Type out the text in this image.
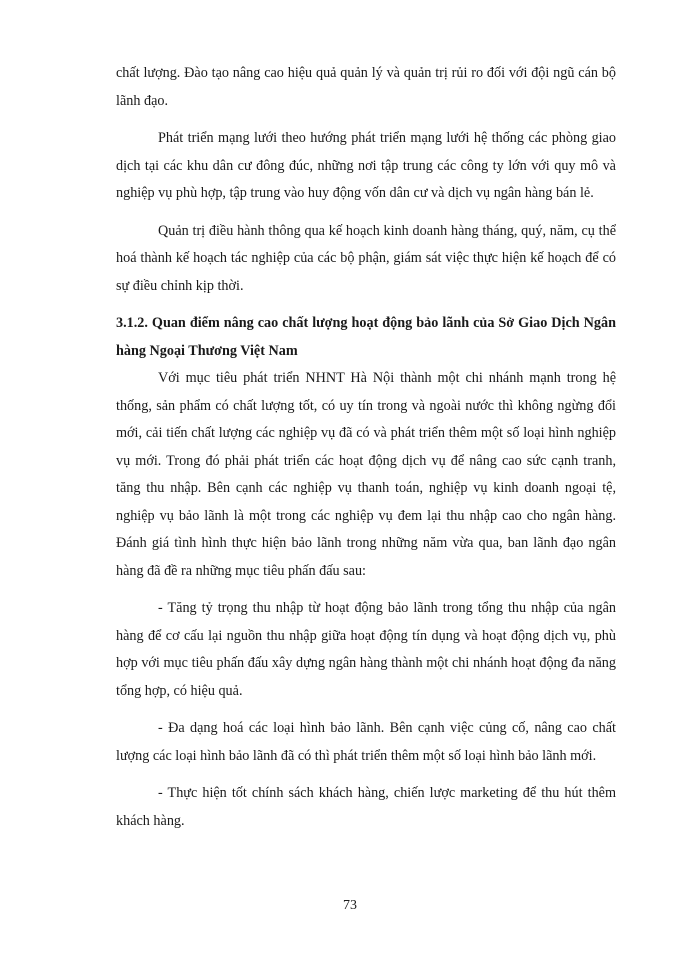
chất lượng. Đào tạo nâng cao hiệu quả quản lý và quản trị rủi ro đối với đội ngũ cán bộ lãnh đạo.

Phát triển mạng lưới theo hướng phát triển mạng lưới hệ thống các phòng giao dịch tại các khu dân cư đông đúc, những nơi tập trung các công ty lớn với quy mô và nghiệp vụ phù hợp, tập trung vào huy động vốn dân cư và dịch vụ ngân hàng bán lẻ.

Quản trị điều hành thông qua kế hoạch kinh doanh hàng tháng, quý, năm, cụ thể hoá thành kế hoạch tác nghiệp của các bộ phận, giám sát việc thực hiện kế hoạch để có sự điều chỉnh kịp thời.

3.1.2. Quan điểm nâng cao chất lượng hoạt động bảo lãnh của Sở Giao Dịch Ngân hàng Ngoại Thương Việt Nam

Với mục tiêu phát triển NHNT Hà Nội thành một chi nhánh mạnh trong hệ thống, sản phẩm có chất lượng tốt, có uy tín trong và ngoài nước thì không ngừng đổi mới, cải tiến chất lượng các nghiệp vụ đã có và phát triển thêm một số loại hình nghiệp vụ mới. Trong đó phải phát triển các hoạt động dịch vụ để nâng cao sức cạnh tranh, tăng thu nhập. Bên cạnh các nghiệp vụ thanh toán, nghiệp vụ kinh doanh ngoại tệ, nghiệp vụ bảo lãnh là một trong các nghiệp vụ đem lại thu nhập cao cho ngân hàng. Đánh giá tình hình thực hiện bảo lãnh trong những năm vừa qua, ban lãnh đạo ngân hàng đã đề ra những mục tiêu phấn đấu sau:

- Tăng tỷ trọng thu nhập từ hoạt động bảo lãnh trong tổng thu nhập của ngân hàng để cơ cấu lại nguồn thu nhập giữa hoạt động tín dụng và hoạt động dịch vụ, phù hợp với mục tiêu phấn đấu xây dựng ngân hàng thành một chi nhánh hoạt động đa năng tổng hợp, có hiệu quả.

- Đa dạng hoá các loại hình bảo lãnh. Bên cạnh việc củng cố, nâng cao chất lượng các loại hình bảo lãnh đã có thì phát triển thêm một số loại hình bảo lãnh mới.

- Thực hiện tốt chính sách khách hàng, chiến lược marketing để thu hút thêm khách hàng.

73
